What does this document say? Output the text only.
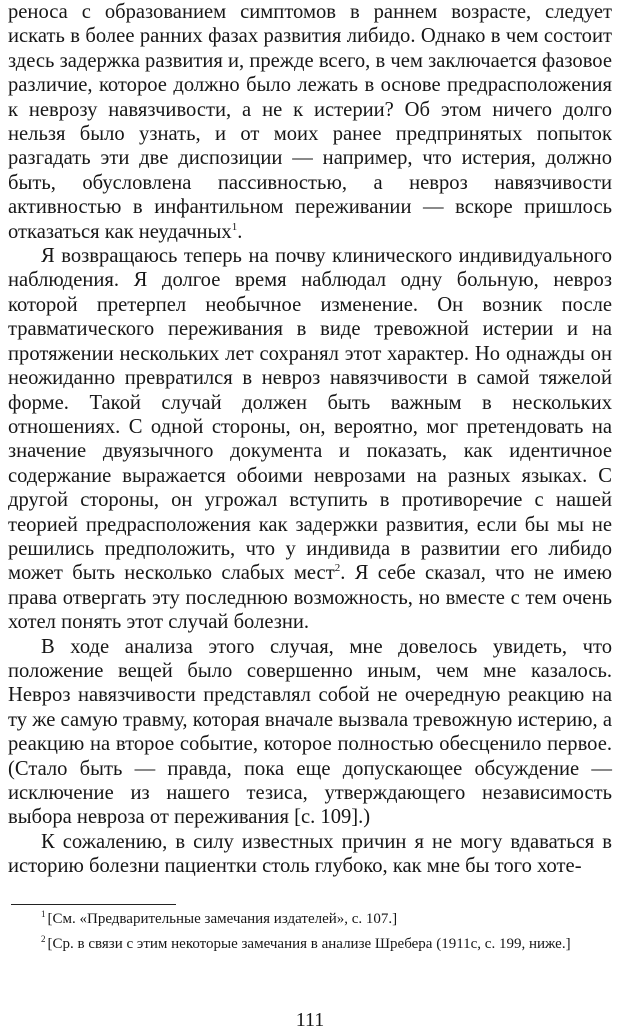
реноса с образованием симптомов в раннем возрасте, следует искать в более ранних фазах развития либидо. Однако в чем состоит здесь задержка развития и, прежде всего, в чем заключается фазовое различие, которое должно было лежать в основе предрасположения к неврозу навязчивости, а не к истерии? Об этом ничего долго нельзя было узнать, и от моих ранее предпринятых попыток разгадать эти две диспозиции — например, что истерия, должно быть, обусловлена пассивностью, а невроз навязчивости активностью в инфантильном переживании — вскоре пришлось отказаться как неудачных$^1$.

Я возвращаюсь теперь на почву клинического индивидуального наблюдения. Я долгое время наблюдал одну больную, невроз которой претерпел необычное изменение. Он возник после травматического переживания в виде тревожной истерии и на протяжении нескольких лет сохранял этот характер. Но однажды он неожиданно превратился в невроз навязчивости в самой тяжелой форме. Такой случай должен быть важным в нескольких отношениях. С одной стороны, он, вероятно, мог претендовать на значение двуязычного документа и показать, как идентичное содержание выражается обоими неврозами на разных языках. С другой стороны, он угрожал вступить в противоречие с нашей теорией предрасположения как задержки развития, если бы мы не решились предположить, что у индивида в развитии его либидо может быть несколько слабых мест$^2$. Я себе сказал, что не имею права отвергать эту последнюю возможность, но вместе с тем очень хотел понять этот случай болезни.

В ходе анализа этого случая, мне довелось увидеть, что положение вещей было совершенно иным, чем мне казалось. Невроз навязчивости представлял собой не очередную реакцию на ту же самую травму, которая вначале вызвала тревожную истерию, а реакцию на второе событие, которое полностью обесценило первое. (Стало быть — правда, пока еще допускающее обсуждение — исключение из нашего тезиса, утверждающего независимость выбора невроза от переживания [с. 109].)

К сожалению, в силу известных причин я не могу вдаваться в историю болезни пациентки столь глубоко, как мне бы того хоте-

$^1$ [См. «Предварительные замечания издателей», с. 107.]

$^2$ [Ср. в связи с этим некоторые замечания в анализе Шребера (1911с, с. 199, ниже.]

111
